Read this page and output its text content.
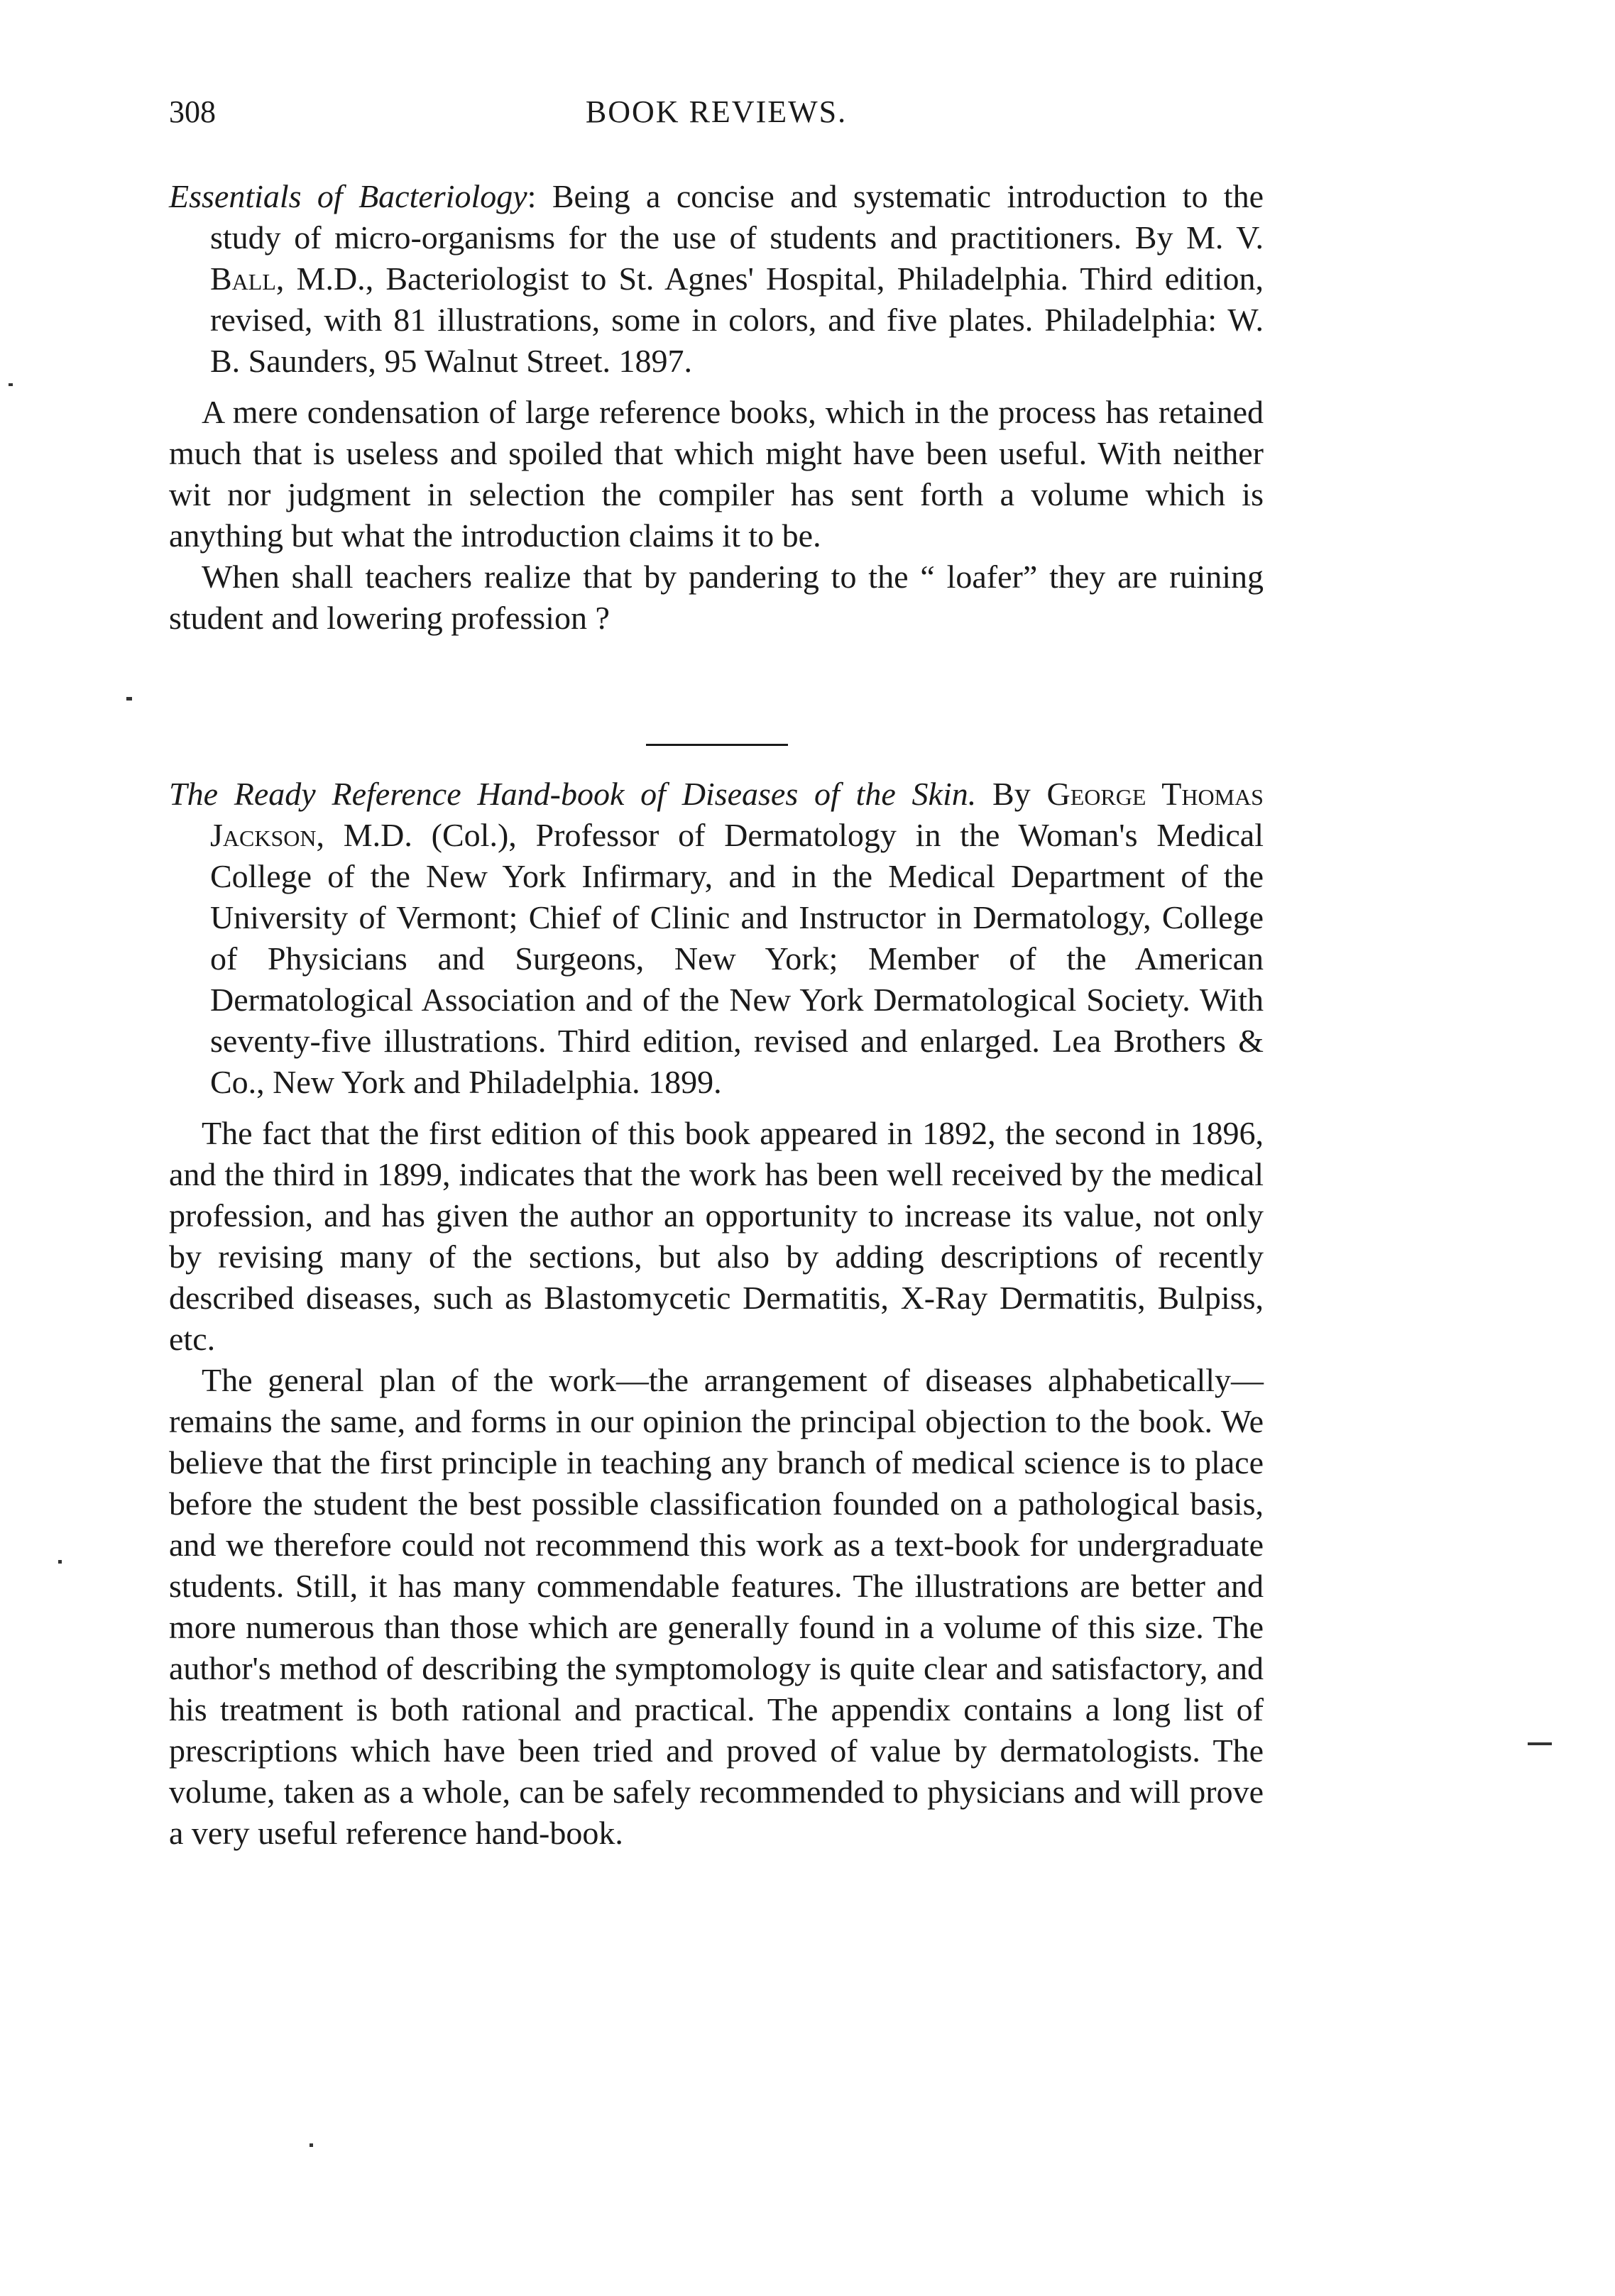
308	BOOK REVIEWS.

Essentials of Bacteriology: Being a concise and systematic introduction to the study of micro-organisms for the use of students and practitioners. By M. V. Ball, M.D., Bacteriologist to St. Agnes' Hospital, Philadelphia. Third edition, revised, with 81 illustrations, some in colors, and five plates. Philadelphia: W. B. Saunders, 95 Walnut Street. 1897.

A mere condensation of large reference books, which in the process has retained much that is useless and spoiled that which might have been useful. With neither wit nor judgment in selection the compiler has sent forth a volume which is anything but what the introduction claims it to be.

When shall teachers realize that by pandering to the “ loafer” they are ruining student and lowering profession ?

The Ready Reference Hand-book of Diseases of the Skin. By George Thomas Jackson, M.D. (Col.), Professor of Dermatology in the Woman's Medical College of the New York Infirmary, and in the Medical Department of the University of Vermont; Chief of Clinic and Instructor in Dermatology, College of Physicians and Surgeons, New York; Member of the American Dermatological Association and of the New York Dermatological Society. With seventy-five illustrations. Third edition, revised and enlarged. Lea Brothers & Co., New York and Philadelphia. 1899.

The fact that the first edition of this book appeared in 1892, the second in 1896, and the third in 1899, indicates that the work has been well received by the medical profession, and has given the author an opportunity to increase its value, not only by revising many of the sections, but also by adding descriptions of recently described diseases, such as Blastomycetic Dermatitis, X-Ray Dermatitis, Bulpiss, etc.

The general plan of the work—the arrangement of diseases alphabetically—remains the same, and forms in our opinion the principal objection to the book. We believe that the first principle in teaching any branch of medical science is to place before the student the best possible classification founded on a pathological basis, and we therefore could not recommend this work as a text-book for undergraduate students. Still, it has many commendable features. The illustrations are better and more numerous than those which are generally found in a volume of this size. The author's method of describing the symptomology is quite clear and satisfactory, and his treatment is both rational and practical. The appendix contains a long list of prescriptions which have been tried and proved of value by dermatologists. The volume, taken as a whole, can be safely recommended to physicians and will prove a very useful reference hand-book.
